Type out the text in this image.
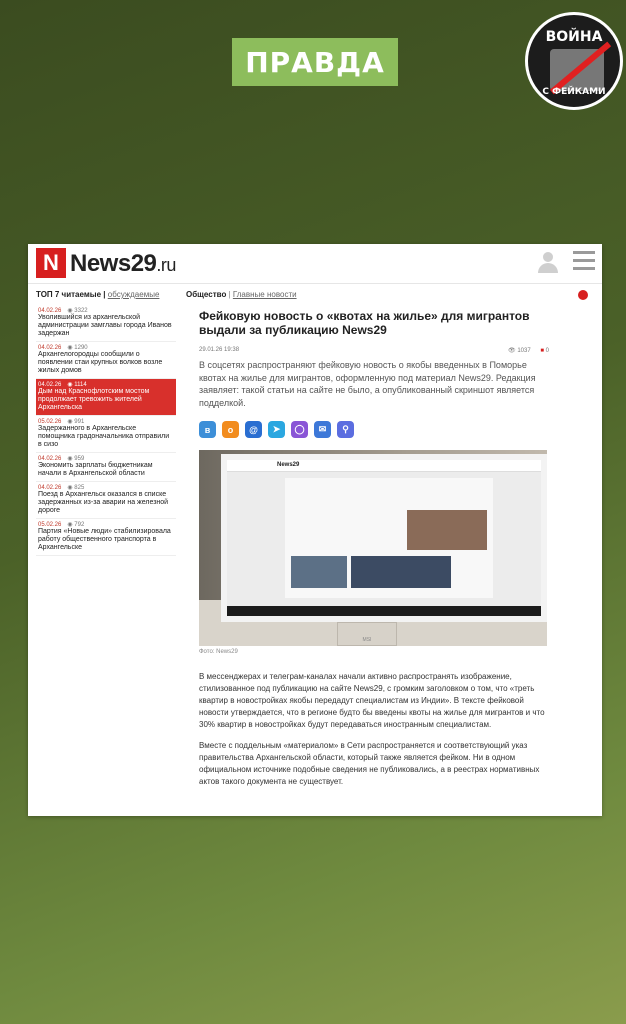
ПРАВДА
ВОЙНА
С ФЕЙКАМИ
N News29.ru
ТОП 7 читаемые | обсуждаемые
04.02.26 ◉ 3322
Уволившийся из архангельской администрации замглавы города Иванов задержан
04.02.26 ◉ 1290
Архангелогородцы сообщили о появлении стаи крупных волков возле жилых домов
04.02.26 ◉ 1114
Дым над Краснофлотским мостом продолжает тревожить жителей Архангельска
05.02.26 ◉ 991
Задержанного в Архангельске помощника градоначальника отправили в сизо
04.02.26 ◉ 959
Экономить зарплаты бюджетникам начали в Архангельской области
04.02.26 ◉ 825
Поезд в Архангельск оказался в списке задержанных из-за аварии на железной дороге
05.02.26 ◉ 792
Партия «Новые люди» стабилизировала работу общественного транспорта в Архангельске
Общество | Главные новости
Фейковую новость о «квотах на жилье» для мигрантов выдали за публикацию News29
29.01.26 19:38	👁 1037 ■ 0
В соцсетях распространяют фейковую новость о якобы введенных в Поморье квотах на жилье для мигрантов, оформленную под материал News29. Редакция заявляет: такой статьи на сайте не было, а опубликованный скриншот является подделкой.
в	o	@	➤	◯	✉	⚲
News29
MSI
Фото: News29

В мессенджерах и телеграм-каналах начали активно распространять изображение, стилизованное под публикацию на сайте News29, с громким заголовком о том, что «треть квартир в новостройках якобы передадут специалистам из Индии». В тексте фейковой новости утверждается, что в регионе будто бы введены квоты на жилье для мигрантов и что 30% квартир в новостройках будут передаваться иностранным специалистам.

Вместе с поддельным «материалом» в Сети распространяется и соответствующий указ правительства Архангельской области, который также является фейком. Ни в одном официальном источнике подобные сведения не публиковались, а в реестрах нормативных актов такого документа не существует.
